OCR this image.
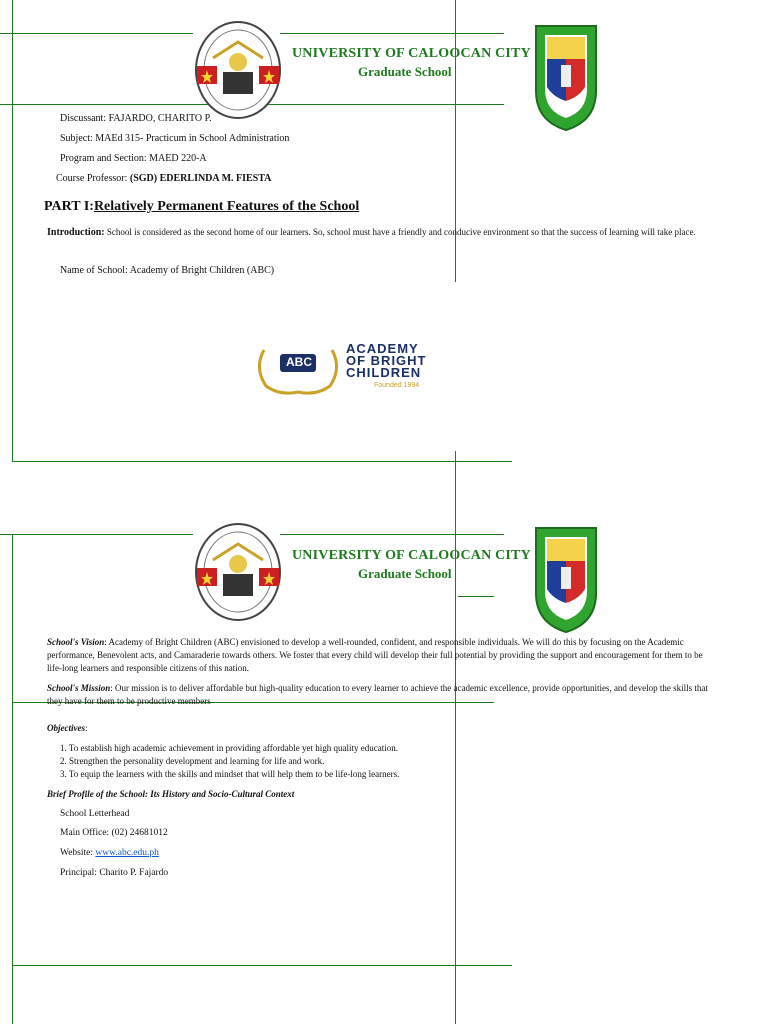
UNIVERSITY OF CALOOCAN CITY
Graduate School
Discussant: FAJARDO, CHARITO P.
Subject: MAEd 315- Practicum in School Administration
Program and Section: MAED 220-A
Course Professor: (SGD) EDERLINDA M. FIESTA
PART I:Relatively Permanent Features of the School
Introduction: School is considered as the second home of our learners. So, school must have a friendly and conducive environment so that the success of learning will take place.
Name of School: Academy of Bright Children (ABC)
ABC
ACADEMY
OF BRIGHT
CHILDREN
Founded 1994
UNIVERSITY OF CALOOCAN CITY
Graduate School
School's Vision: Academy of Bright Children (ABC) envisioned to develop a well-rounded, confident, and responsible individuals. We will do this by focusing on the Academic performance, Benevolent acts, and Camaraderie towards others. We foster that every child will develop their full potential by providing the support and encouragement for them to be life-long learners and responsible citizens of this nation.
School's Mission: Our mission is to deliver affordable but high-quality education to every learner to achieve the academic excellence, provide opportunities, and develop the skills that they have for them to be productive members
Objectives:
1. To establish high academic achievement in providing affordable yet high quality education.
2. Strengthen the personality development and learning for life and work.
3. To equip the learners with the skills and mindset that will help them to be life-long learners.
Brief Profile of the School: Its History and Socio-Cultural Context
School Letterhead
Main Office: (02) 24681012
Website: www.abc.edu.ph
Principal: Charito P. Fajardo
